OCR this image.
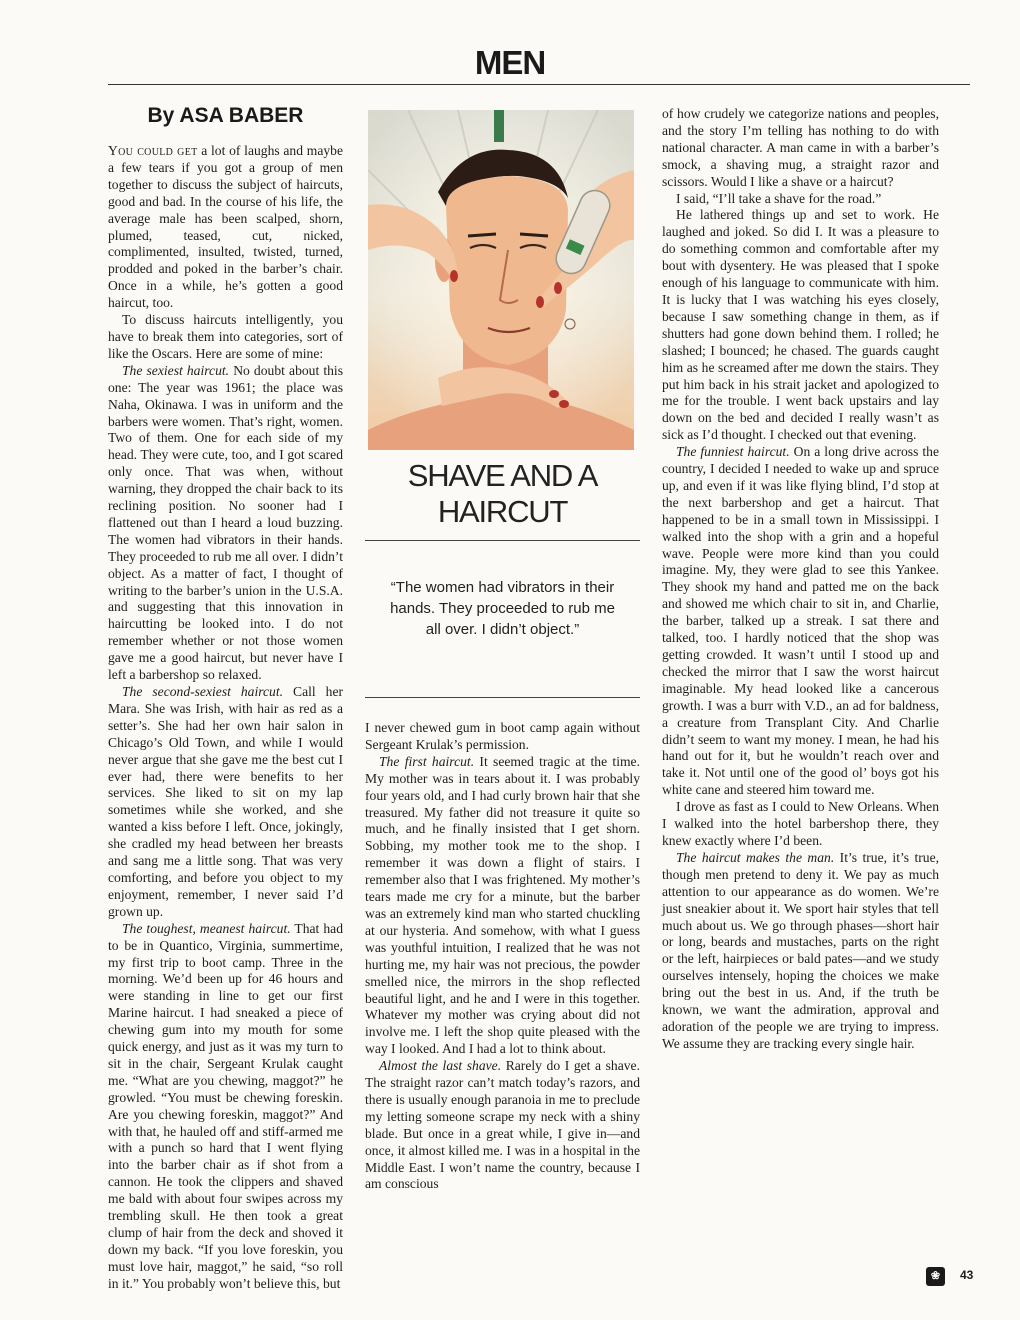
MEN
By ASA BABER

You could get a lot of laughs and maybe a few tears if you got a group of men together to discuss the subject of haircuts, good and bad. In the course of his life, the average male has been scalped, shorn, plumed, teased, cut, nicked, complimented, insulted, twisted, turned, prodded and poked in the barber’s chair. Once in a while, he’s gotten a good haircut, too.

To discuss haircuts intelligently, you have to break them into categories, sort of like the Oscars. Here are some of mine:

The sexiest haircut. No doubt about this one: The year was 1961; the place was Naha, Okinawa. I was in uniform and the barbers were women. That’s right, women. Two of them. One for each side of my head. They were cute, too, and I got scared only once. That was when, without warning, they dropped the chair back to its reclining position. No sooner had I flattened out than I heard a loud buzzing. The women had vibrators in their hands. They proceeded to rub me all over. I didn’t object. As a matter of fact, I thought of writing to the barber’s union in the U.S.A. and suggesting that this innovation in haircutting be looked into. I do not remember whether or not those women gave me a good haircut, but never have I left a barbershop so relaxed.

The second-sexiest haircut. Call her Mara. She was Irish, with hair as red as a setter’s. She had her own hair salon in Chicago’s Old Town, and while I would never argue that she gave me the best cut I ever had, there were benefits to her services. She liked to sit on my lap sometimes while she worked, and she wanted a kiss before I left. Once, jokingly, she cradled my head between her breasts and sang me a little song. That was very comforting, and before you object to my enjoyment, remember, I never said I’d grown up.

The toughest, meanest haircut. That had to be in Quantico, Virginia, summertime, my first trip to boot camp. Three in the morning. We’d been up for 46 hours and were standing in line to get our first Marine haircut. I had sneaked a piece of chewing gum into my mouth for some quick energy, and just as it was my turn to sit in the chair, Sergeant Krulak caught me. “What are you chewing, maggot?” he growled. “You must be chewing foreskin. Are you chewing foreskin, maggot?” And with that, he hauled off and stiff-armed me with a punch so hard that I went flying into the barber chair as if shot from a cannon. He took the clippers and shaved me bald with about four swipes across my trembling skull. He then took a great clump of hair from the deck and shoved it down my back. “If you love foreskin, you must love hair, maggot,” he said, “so roll in it.” You probably won’t believe this, but

SHAVE AND A HAIRCUT
“The women had vibrators in their hands. They proceeded to rub me all over. I didn’t object.”

I never chewed gum in boot camp again without Sergeant Krulak’s permission.

The first haircut. It seemed tragic at the time. My mother was in tears about it. I was probably four years old, and I had curly brown hair that she treasured. My father did not treasure it quite so much, and he finally insisted that I get shorn. Sobbing, my mother took me to the shop. I remember it was down a flight of stairs. I remember also that I was frightened. My mother’s tears made me cry for a minute, but the barber was an extremely kind man who started chuckling at our hysteria. And somehow, with what I guess was youthful intuition, I realized that he was not hurting me, my hair was not precious, the powder smelled nice, the mirrors in the shop reflected beautiful light, and he and I were in this together. Whatever my mother was crying about did not involve me. I left the shop quite pleased with the way I looked. And I had a lot to think about.

Almost the last shave. Rarely do I get a shave. The straight razor can’t match today’s razors, and there is usually enough paranoia in me to preclude my letting someone scrape my neck with a shiny blade. But once in a great while, I give in—and once, it almost killed me. I was in a hospital in the Middle East. I won’t name the country, because I am conscious

of how crudely we categorize nations and peoples, and the story I’m telling has nothing to do with national character. A man came in with a barber’s smock, a shaving mug, a straight razor and scissors. Would I like a shave or a haircut?

I said, “I’ll take a shave for the road.”

He lathered things up and set to work. He laughed and joked. So did I. It was a pleasure to do something common and comfortable after my bout with dysentery. He was pleased that I spoke enough of his language to communicate with him. It is lucky that I was watching his eyes closely, because I saw something change in them, as if shutters had gone down behind them. I rolled; he slashed; I bounced; he chased. The guards caught him as he screamed after me down the stairs. They put him back in his strait jacket and apologized to me for the trouble. I went back upstairs and lay down on the bed and decided I really wasn’t as sick as I’d thought. I checked out that evening.

The funniest haircut. On a long drive across the country, I decided I needed to wake up and spruce up, and even if it was like flying blind, I’d stop at the next barbershop and get a haircut. That happened to be in a small town in Mississippi. I walked into the shop with a grin and a hopeful wave. People were more kind than you could imagine. My, they were glad to see this Yankee. They shook my hand and patted me on the back and showed me which chair to sit in, and Charlie, the barber, talked up a streak. I sat there and talked, too. I hardly noticed that the shop was getting crowded. It wasn’t until I stood up and checked the mirror that I saw the worst haircut imaginable. My head looked like a cancerous growth. I was a burr with V.D., an ad for baldness, a creature from Transplant City. And Charlie didn’t seem to want my money. I mean, he had his hand out for it, but he wouldn’t reach over and take it. Not until one of the good ol’ boys got his white cane and steered him toward me.

I drove as fast as I could to New Orleans. When I walked into the hotel barbershop there, they knew exactly where I’d been.

The haircut makes the man. It’s true, it’s true, though men pretend to deny it. We pay as much attention to our appearance as do women. We’re just sneakier about it. We sport hair styles that tell much about us. We go through phases—short hair or long, beards and mustaches, parts on the right or the left, hairpieces or bald pates—and we study ourselves intensely, hoping the choices we make bring out the best in us. And, if the truth be known, we want the admiration, approval and adoration of the people we are trying to impress. We assume they are tracking every single hair.

❀	43
